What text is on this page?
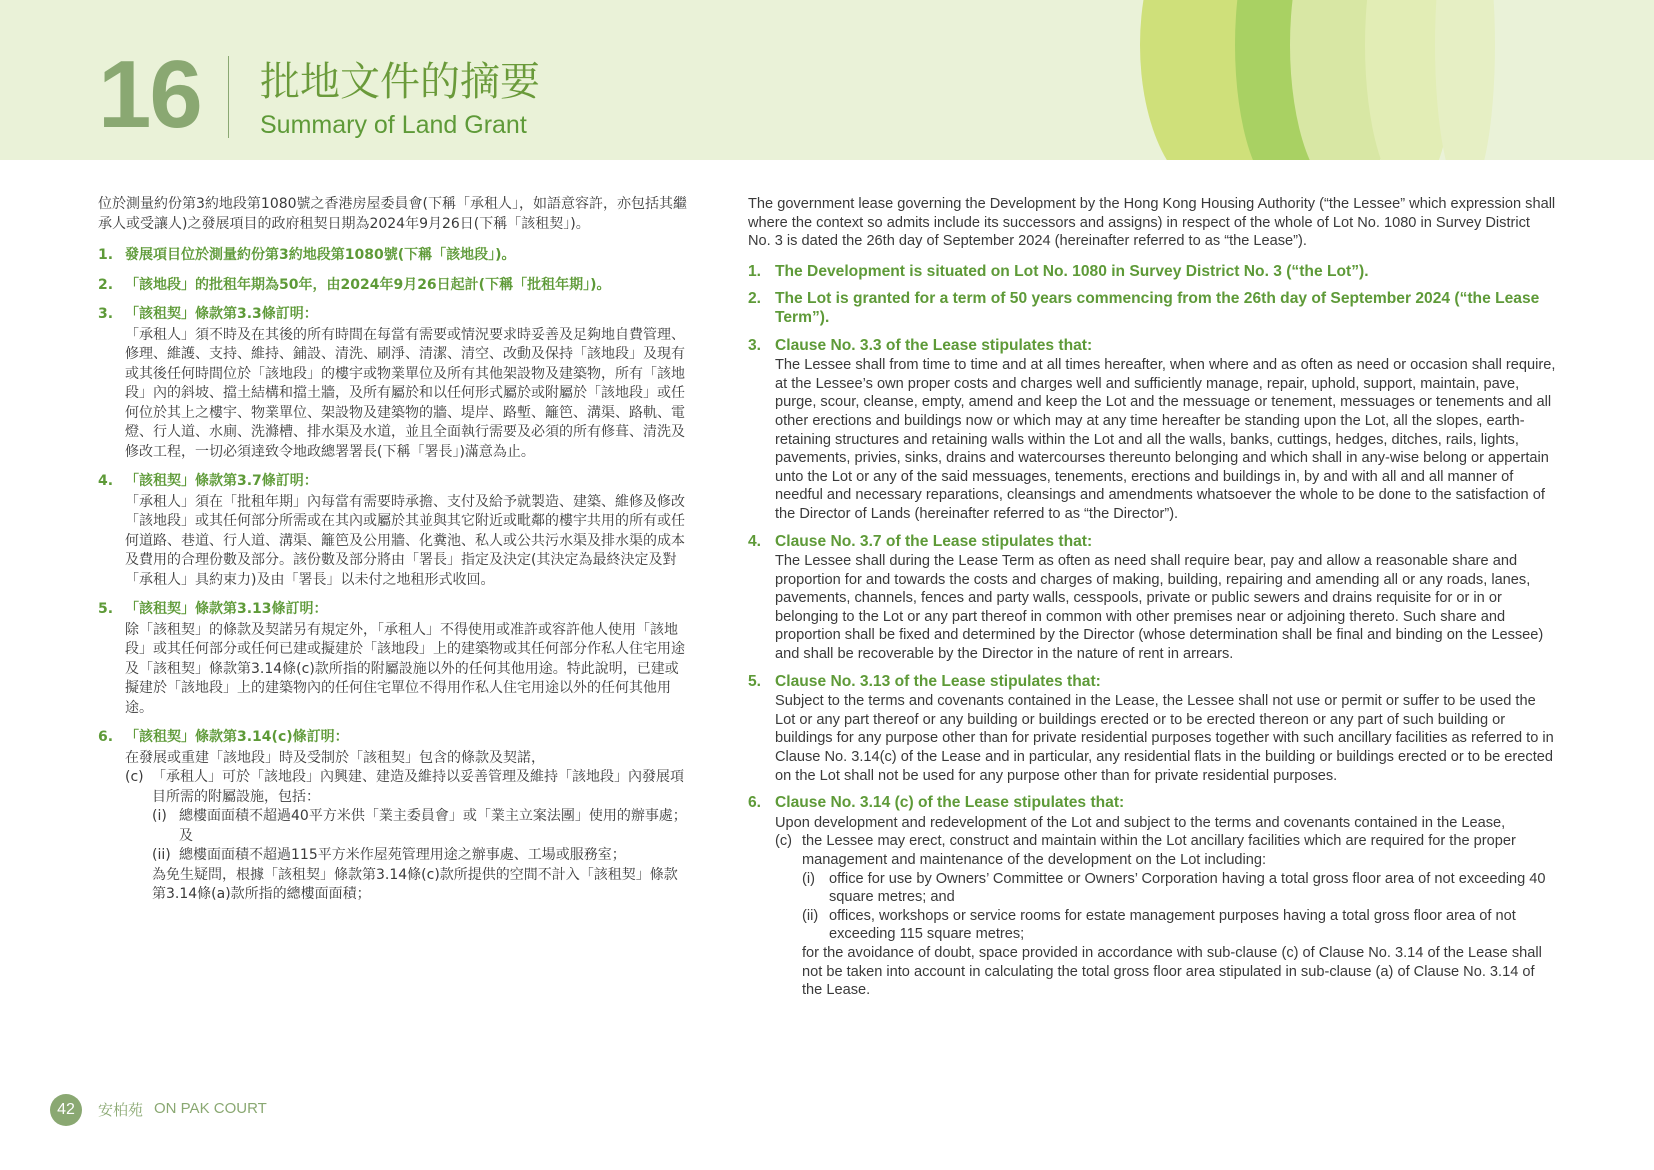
16 批地文件的摘要
Summary of Land Grant

位於測量約份第3約地段第1080號之香港房屋委員會(下稱「承租人」，如語意容許，亦包括其繼承人或受讓人)之發展項目的政府租契日期為2024年9月26日(下稱「該租契」)。

1. 發展項目位於測量約份第3約地段第1080號(下稱「該地段」)。
2. 「該地段」的批租年期為50年，由2024年9月26日起計(下稱「批租年期」)。
3. 「該租契」條款第3.3條訂明：
「承租人」須不時及在其後的所有時間在每當有需要或情況要求時妥善及足夠地自費管理、修理、維護、支持、維持、鋪設、清洗、刷淨、清潔、清空、改動及保持「該地段」及現有或其後任何時間位於「該地段」的樓宇或物業單位及所有其他架設物及建築物，所有「該地段」內的斜坡、擋土結構和擋土牆，及所有屬於和以任何形式屬於或附屬於「該地段」或任何位於其上之樓宇、物業單位、架設物及建築物的牆、堤岸、路塹、籬笆、溝渠、路軌、電燈、行人道、水廁、洗滌槽、排水渠及水道，並且全面執行需要及必須的所有修葺、清洗及修改工程，一切必須達致令地政總署署長(下稱「署長」)滿意為止。
4. 「該租契」條款第3.7條訂明：
「承租人」須在「批租年期」內每當有需要時承擔、支付及給予就製造、建築、維修及修改「該地段」或其任何部分所需或在其內或屬於其並與其它附近或毗鄰的樓宇共用的所有或任何道路、巷道、行人道、溝渠、籬笆及公用牆、化糞池、私人或公共污水渠及排水渠的成本及費用的合理份數及部分。該份數及部分將由「署長」指定及決定(其決定為最終決定及對「承租人」具約束力)及由「署長」以未付之地租形式收回。
5. 「該租契」條款第3.13條訂明：
除「該租契」的條款及契諾另有規定外，「承租人」不得使用或准許或容許他人使用「該地段」或其任何部分或任何已建或擬建於「該地段」上的建築物或其任何部分作私人住宅用途及「該租契」條款第3.14條(c)款所指的附屬設施以外的任何其他用途。特此說明，已建或擬建於「該地段」上的建築物內的任何住宅單位不得用作私人住宅用途以外的任何其他用途。
6. 「該租契」條款第3.14(c)條訂明：
在發展或重建「該地段」時及受制於「該租契」包含的條款及契諾，
(c) 「承租人」可於「該地段」內興建、建造及維持以妥善管理及維持「該地段」內發展項目所需的附屬設施，包括：
(i) 總樓面面積不超過40平方米供「業主委員會」或「業主立案法團」使用的辦事處；及
(ii) 總樓面面積不超過115平方米作屋苑管理用途之辦事處、工場或服務室；
為免生疑問，根據「該租契」條款第3.14條(c)款所提供的空間不計入「該租契」條款第3.14條(a)款所指的總樓面面積；

The government lease governing the Development by the Hong Kong Housing Authority (“the Lessee” which expression shall where the context so admits include its successors and assigns) in respect of the whole of Lot No. 1080 in Survey District No. 3 is dated the 26th day of September 2024 (hereinafter referred to as “the Lease”).

1. The Development is situated on Lot No. 1080 in Survey District No. 3 (“the Lot”).
2. The Lot is granted for a term of 50 years commencing from the 26th day of September 2024 (“the Lease Term”).
3. Clause No. 3.3 of the Lease stipulates that:
The Lessee shall from time to time and at all times hereafter, when where and as often as need or occasion shall require, at the Lessee’s own proper costs and charges well and sufficiently manage, repair, uphold, support, maintain, pave, purge, scour, cleanse, empty, amend and keep the Lot and the messuage or tenement, messuages or tenements and all other erections and buildings now or which may at any time hereafter be standing upon the Lot, all the slopes, earth-retaining structures and retaining walls within the Lot and all the walls, banks, cuttings, hedges, ditches, rails, lights, pavements, privies, sinks, drains and watercourses thereunto belonging and which shall in any-wise belong or appertain unto the Lot or any of the said messuages, tenements, erections and buildings in, by and with all and all manner of needful and necessary reparations, cleansings and amendments whatsoever the whole to be done to the satisfaction of the Director of Lands (hereinafter referred to as “the Director”).
4. Clause No. 3.7 of the Lease stipulates that:
The Lessee shall during the Lease Term as often as need shall require bear, pay and allow a reasonable share and proportion for and towards the costs and charges of making, building, repairing and amending all or any roads, lanes, pavements, channels, fences and party walls, cesspools, private or public sewers and drains requisite for or in or belonging to the Lot or any part thereof in common with other premises near or adjoining thereto. Such share and proportion shall be fixed and determined by the Director (whose determination shall be final and binding on the Lessee) and shall be recoverable by the Director in the nature of rent in arrears.
5. Clause No. 3.13 of the Lease stipulates that:
Subject to the terms and covenants contained in the Lease, the Lessee shall not use or permit or suffer to be used the Lot or any part thereof or any building or buildings erected or to be erected thereon or any part of such building or buildings for any purpose other than for private residential purposes together with such ancillary facilities as referred to in Clause No. 3.14(c) of the Lease and in particular, any residential flats in the building or buildings erected or to be erected on the Lot shall not be used for any purpose other than for private residential purposes.
6. Clause No. 3.14 (c) of the Lease stipulates that:
Upon development and redevelopment of the Lot and subject to the terms and covenants contained in the Lease,
(c) the Lessee may erect, construct and maintain within the Lot ancillary facilities which are required for the proper management and maintenance of the development on the Lot including:
(i) office for use by Owners’ Committee or Owners’ Corporation having a total gross floor area of not exceeding 40 square metres; and
(ii) offices, workshops or service rooms for estate management purposes having a total gross floor area of not exceeding 115 square metres;
for the avoidance of doubt, space provided in accordance with sub-clause (c) of Clause No. 3.14 of the Lease shall not be taken into account in calculating the total gross floor area stipulated in sub-clause (a) of Clause No. 3.14 of the Lease.
42	安柏苑 ON PAK COURT
